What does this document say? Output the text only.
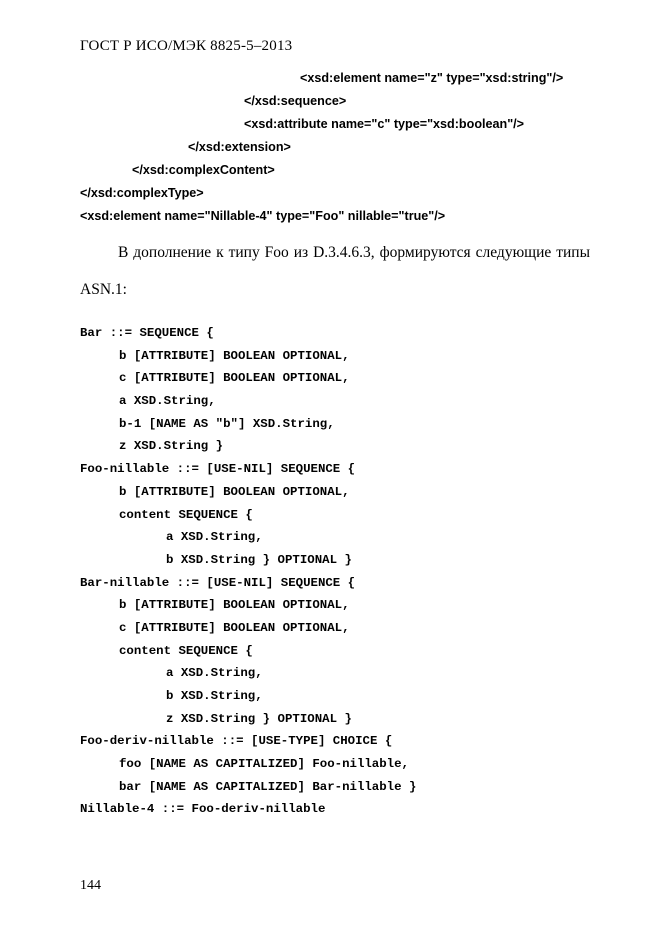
ГОСТ Р ИСО/МЭК 8825-5–2013
<xsd:element name="z" type="xsd:string"/>
</xsd:sequence>
<xsd:attribute name="c" type="xsd:boolean"/>
</xsd:extension>
</xsd:complexContent>
</xsd:complexType>
<xsd:element name="Nillable-4" type="Foo" nillable="true"/>
В дополнение к типу Foo из D.3.4.6.3, формируются следующие типы ASN.1:
Bar ::= SEQUENCE {
b [ATTRIBUTE] BOOLEAN OPTIONAL,
c [ATTRIBUTE] BOOLEAN OPTIONAL,
a XSD.String,
b-1 [NAME AS "b"] XSD.String,
z XSD.String }
Foo-nillable ::= [USE-NIL] SEQUENCE {
b [ATTRIBUTE] BOOLEAN OPTIONAL,
content SEQUENCE {
a XSD.String,
b XSD.String } OPTIONAL }
Bar-nillable ::= [USE-NIL] SEQUENCE {
b [ATTRIBUTE] BOOLEAN OPTIONAL,
c [ATTRIBUTE] BOOLEAN OPTIONAL,
content SEQUENCE {
a XSD.String,
b XSD.String,
z XSD.String } OPTIONAL }
Foo-deriv-nillable ::= [USE-TYPE] CHOICE {
foo [NAME AS CAPITALIZED] Foo-nillable,
bar [NAME AS CAPITALIZED] Bar-nillable }
Nillable-4 ::= Foo-deriv-nillable
144
